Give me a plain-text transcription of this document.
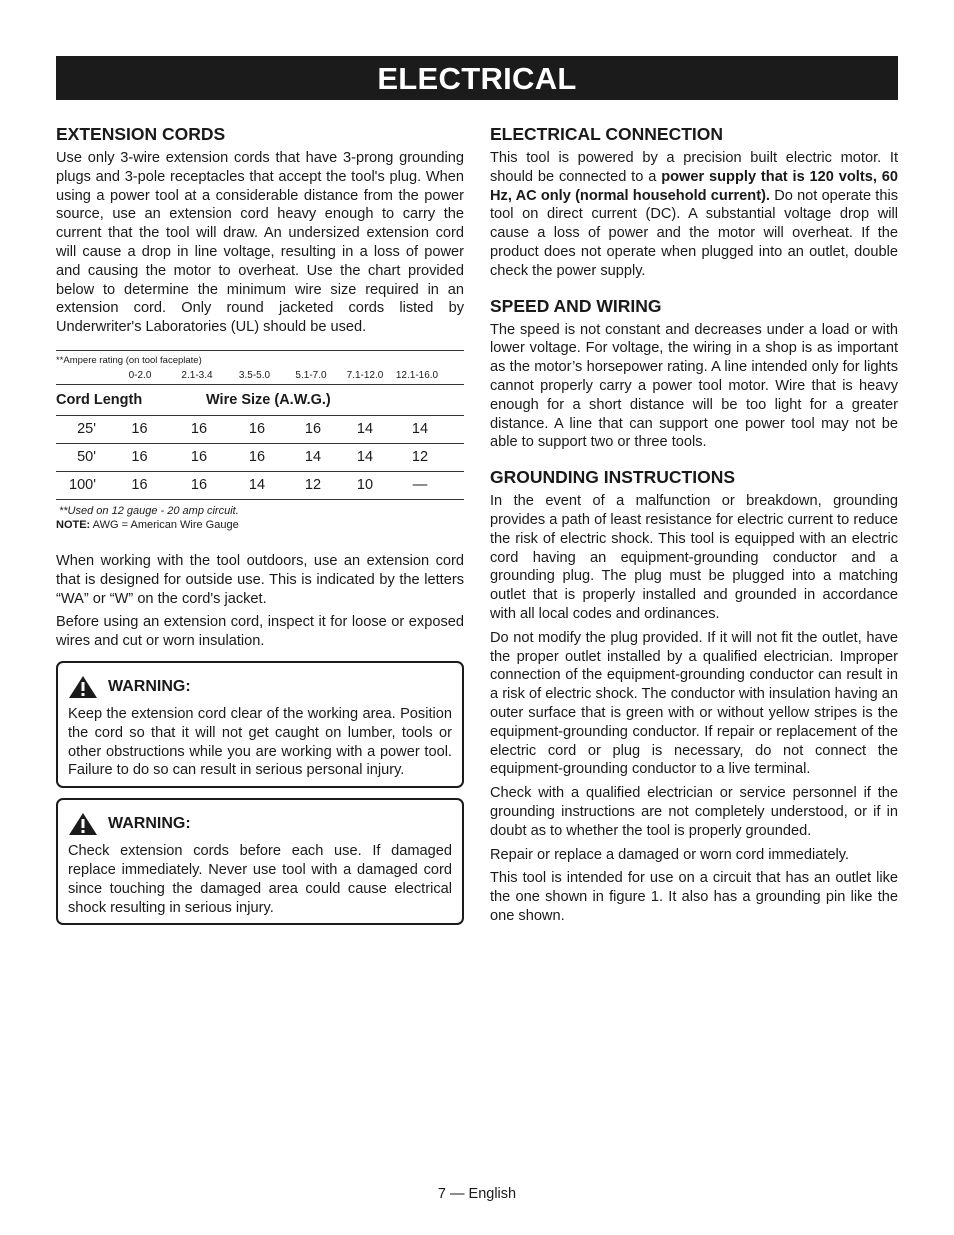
ELECTRICAL
EXTENSION CORDS

Use only 3-wire extension cords that have 3-prong grounding plugs and 3-pole receptacles that accept the tool's plug. When using a power tool at a considerable distance from the power source, use an extension cord heavy enough to carry the current that the tool will draw. An undersized extension cord will cause a drop in line voltage, resulting in a loss of power and causing the motor to overheat. Use the chart provided below to determine the minimum wire size required in an extension cord. Only round jacketed cords listed by Underwriter's Laboratories (UL) should be used.

**Ampere rating (on tool faceplate)
0-2.0	2.1-3.4	3.5-5.0	5.1-7.0	7.1-12.0	12.1-16.0
Cord Length	Wire Size (A.W.G.)
25'	16	16	16	16	14	14
50'	16	16	16	14	14	12
100'	16	16	14	12	10	—
**Used on 12 gauge - 20 amp circuit.
NOTE: AWG = American Wire Gauge

When working with the tool outdoors, use an extension cord that is designed for outside use. This is indicated by the letters “WA” or “W” on the cord's jacket.

Before using an extension cord, inspect it for loose or exposed wires and cut or worn insulation.

WARNING:

Keep the extension cord clear of the working area. Position the cord so that it will not get caught on lumber, tools or other obstructions while you are working with a power tool. Failure to do so can result in serious personal injury.

WARNING:

Check extension cords before each use. If damaged replace immediately. Never use tool with a damaged cord since touching the damaged area could cause electrical shock resulting in serious injury.

ELECTRICAL CONNECTION

This tool is powered by a precision built electric motor. It should be connected to a power supply that is 120 volts, 60 Hz, AC only (normal household current). Do not operate this tool on direct current (DC). A substantial voltage drop will cause a loss of power and the motor will overheat. If the product does not operate when plugged into an outlet, double check the power supply.

SPEED AND WIRING

The speed is not constant and decreases under a load or with lower voltage. For voltage, the wiring in a shop is as important as the motor’s horsepower rating. A line intended only for lights cannot properly carry a power tool motor. Wire that is heavy enough for a short distance will be too light for a greater distance. A line that can support one power tool may not be able to support two or three tools.

GROUNDING INSTRUCTIONS

In the event of a malfunction or breakdown, grounding provides a path of least resistance for electric current to reduce the risk of electric shock. This tool is equipped with an electric cord having an equipment-grounding conductor and a grounding plug. The plug must be plugged into a matching outlet that is properly installed and grounded in accordance with all local codes and ordinances.

Do not modify the plug provided. If it will not fit the outlet, have the proper outlet installed by a qualified electrician. Improper connection of the equipment-grounding conductor can result in a risk of electric shock. The conductor with insulation having an outer surface that is green with or without yellow stripes is the equipment-grounding conductor. If repair or replacement of the electric cord or plug is necessary, do not connect the equipment-grounding conductor to a live terminal.

Check with a qualified electrician or service personnel if the grounding instructions are not completely understood, or if in doubt as to whether the tool is properly grounded.

Repair or replace a damaged or worn cord immediately.

This tool is intended for use on a circuit that has an outlet like the one shown in figure 1. It also has a grounding pin like the one shown.

7 — English
